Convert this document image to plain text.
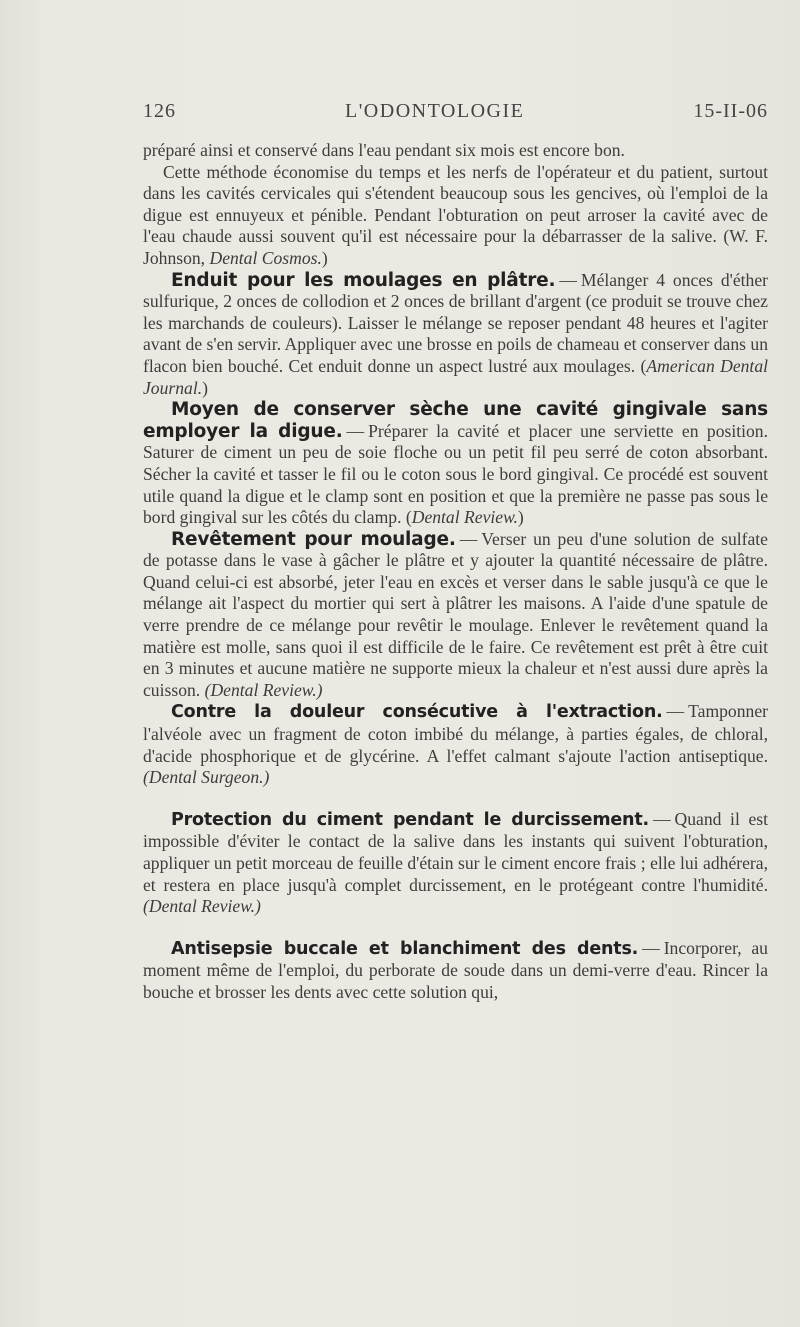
126	L'ODONTOLOGIE	15-II-06

préparé ainsi et conservé dans l'eau pendant six mois est encore bon.

Cette méthode économise du temps et les nerfs de l'opérateur et du patient, surtout dans les cavités cervicales qui s'étendent beaucoup sous les gencives, où l'emploi de la digue est ennuyeux et pénible. Pendant l'obturation on peut arroser la cavité avec de l'eau chaude aussi souvent qu'il est nécessaire pour la débarrasser de la salive. (W. F. Johnson, Dental Cosmos.)

Enduit pour les moulages en plâtre. — Mélanger 4 onces d'éther sulfurique, 2 onces de collodion et 2 onces de brillant d'argent (ce produit se trouve chez les marchands de couleurs). Laisser le mélange se reposer pendant 48 heures et l'agiter avant de s'en servir. Appliquer avec une brosse en poils de chameau et conserver dans un flacon bien bouché. Cet enduit donne un aspect lustré aux moulages. (American Dental Journal.)

Moyen de conserver sèche une cavité gingivale sans employer la digue. — Préparer la cavité et placer une serviette en position. Saturer de ciment un peu de soie floche ou un petit fil peu serré de coton absorbant. Sécher la cavité et tasser le fil ou le coton sous le bord gingival. Ce procédé est souvent utile quand la digue et le clamp sont en position et que la première ne passe pas sous le bord gingival sur les côtés du clamp. (Dental Review.)

Revêtement pour moulage. — Verser un peu d'une solution de sulfate de potasse dans le vase à gâcher le plâtre et y ajouter la quantité nécessaire de plâtre. Quand celui-ci est absorbé, jeter l'eau en excès et verser dans le sable jusqu'à ce que le mélange ait l'aspect du mortier qui sert à plâtrer les maisons. A l'aide d'une spatule de verre prendre de ce mélange pour revêtir le moulage. Enlever le revêtement quand la matière est molle, sans quoi il est difficile de le faire. Ce revêtement est prêt à être cuit en 3 minutes et aucune matière ne supporte mieux la chaleur et n'est aussi dure après la cuisson. (Dental Review.)

Contre la douleur consécutive à l'extraction. — Tamponner l'alvéole avec un fragment de coton imbibé du mélange, à parties égales, de chloral, d'acide phosphorique et de glycérine. A l'effet calmant s'ajoute l'action antiseptique. (Dental Surgeon.)

Protection du ciment pendant le durcissement. — Quand il est impossible d'éviter le contact de la salive dans les instants qui suivent l'obturation, appliquer un petit morceau de feuille d'étain sur le ciment encore frais ; elle lui adhérera, et restera en place jusqu'à complet durcissement, en le protégeant contre l'humidité. (Dental Review.)

Antisepsie buccale et blanchiment des dents. — Incorporer, au moment même de l'emploi, du perborate de soude dans un demi-verre d'eau. Rincer la bouche et brosser les dents avec cette solution qui,
